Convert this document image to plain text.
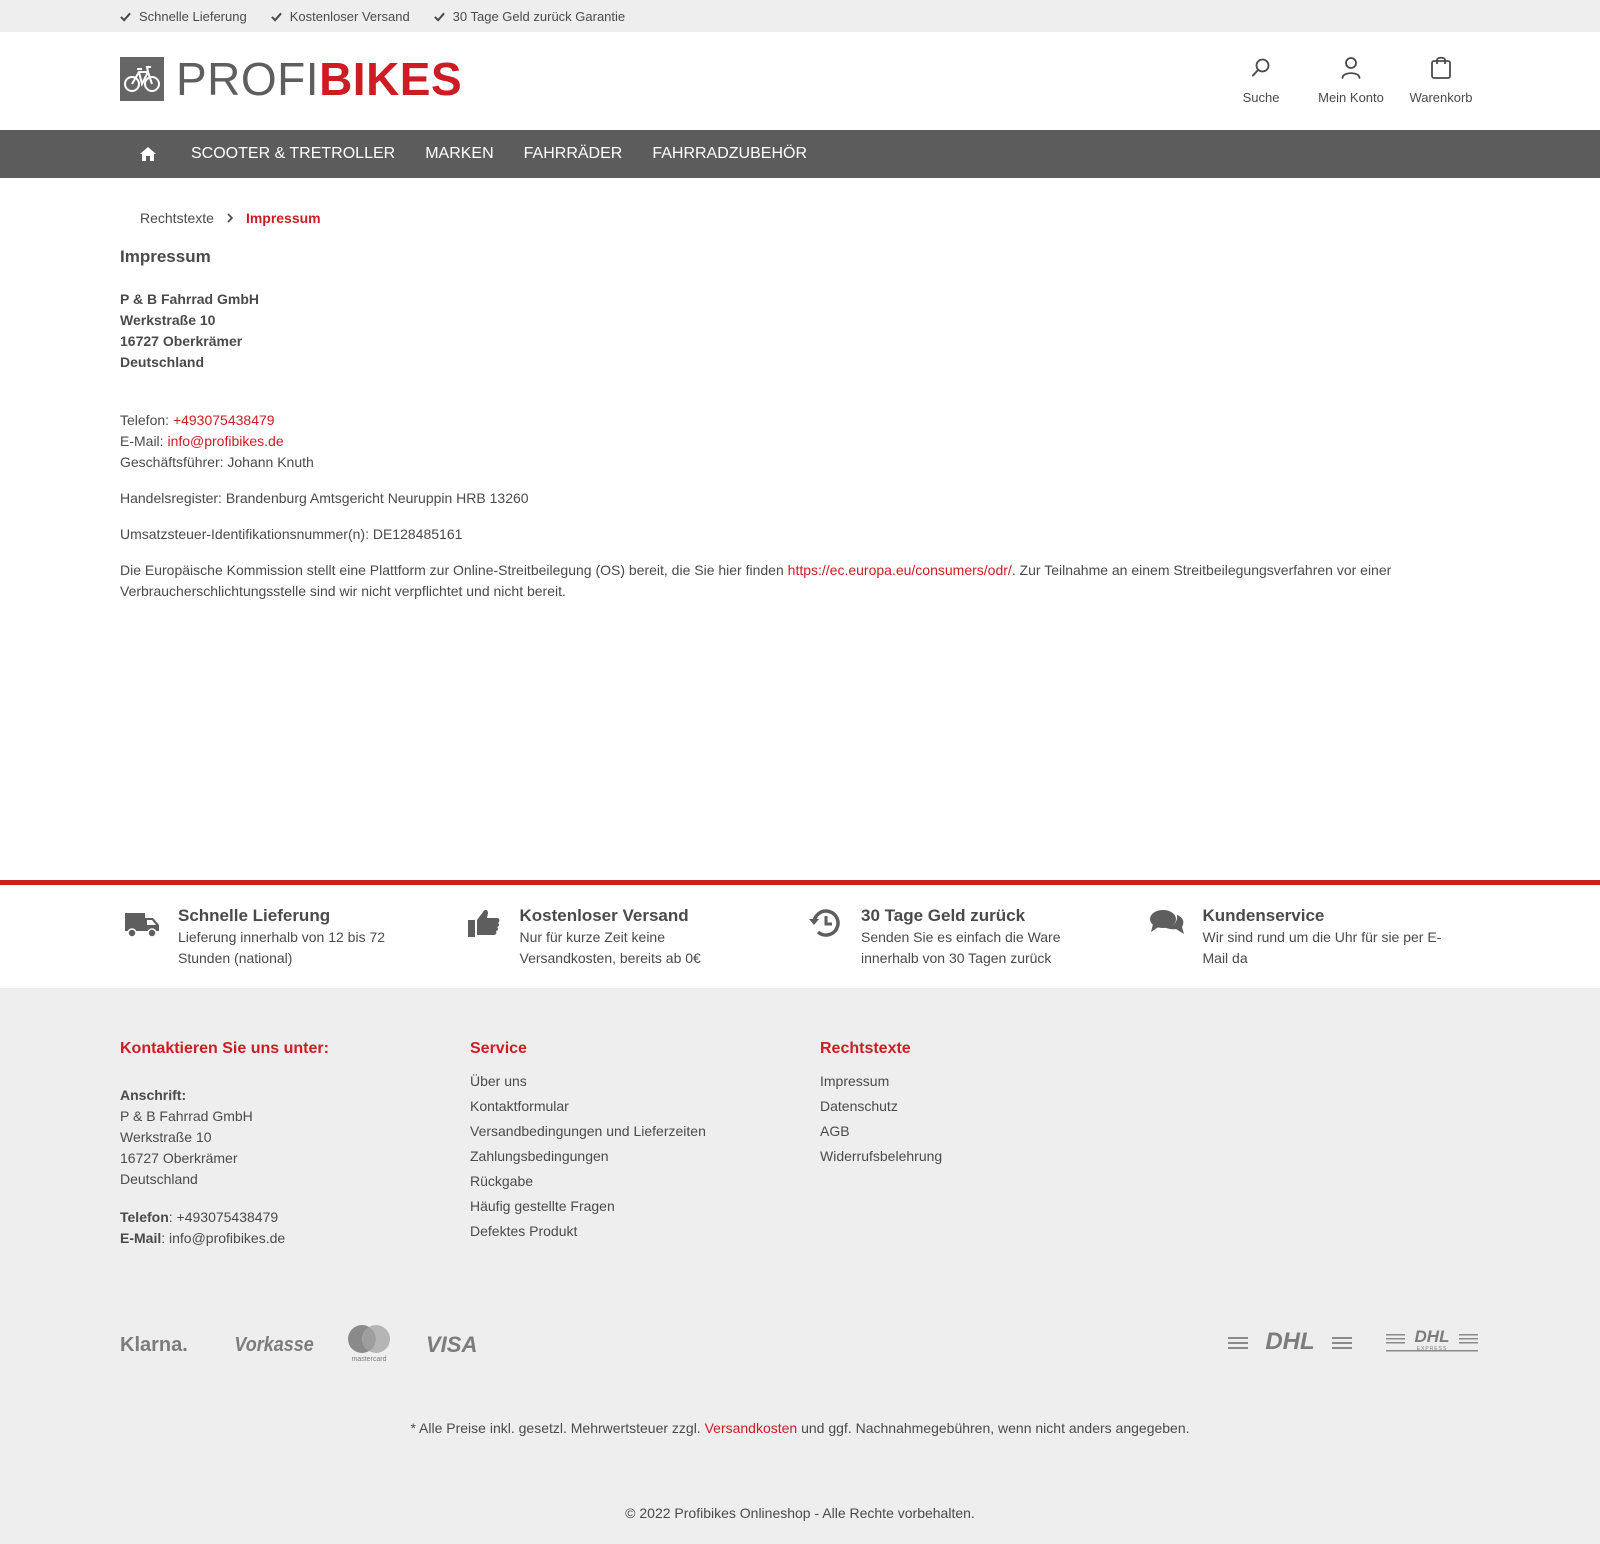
Schnelle Lieferung	Kostenloser Versand	30 Tage Geld zurück Garantie
PROFIBIKES	Suche	Mein Konto	Warenkorb
SCOOTER & TRETROLLER	MARKEN	FAHRRÄDER	FAHRRADZUBEHÖR
Rechtstexte Impressum
Impressum
P & B Fahrrad GmbH
Werkstraße 10
16727 Oberkrämer
Deutschland
Telefon: +493075438479
E-Mail: info@profibikes.de
Geschäftsführer: Johann Knuth

Handelsregister: Brandenburg Amtsgericht Neuruppin HRB 13260

Umsatzsteuer-Identifikationsnummer(n): DE128485161

Die Europäische Kommission stellt eine Plattform zur Online-Streitbeilegung (OS) bereit, die Sie hier finden https://ec.europa.eu/consumers/odr/. Zur Teilnahme an einem Streitbeilegungsverfahren vor einer Verbraucherschlichtungsstelle sind wir nicht verpflichtet und nicht bereit.

Schnelle Lieferung
Lieferung innerhalb von 12 bis 72 Stunden (national)
Kostenloser Versand
Nur für kurze Zeit keine Versandkosten, bereits ab 0€
30 Tage Geld zurück
Senden Sie es einfach die Ware innerhalb von 30 Tagen zurück
Kundenservice
Wir sind rund um die Uhr für sie per E-Mail da
Kontaktieren Sie uns unter:
Anschrift:
P & B Fahrrad GmbH
Werkstraße 10
16727 Oberkrämer
Deutschland
Telefon: +493075438479
E-Mail: info@profibikes.de
Service
Über uns
Kontaktformular
Versandbedingungen und Lieferzeiten
Zahlungsbedingungen
Rückgabe
Häufig gestellte Fragen
Defektes Produkt
Rechtstexte
Impressum
Datenschutz
AGB
Widerrufsbelehrung
Klarna. Vorkasse
mastercard
VISA	DHL	DHL
EXPRESS
* Alle Preise inkl. gesetzl. Mehrwertsteuer zzgl. Versandkosten und ggf. Nachnahmegebühren, wenn nicht anders angegeben.
© 2022 Profibikes Onlineshop - Alle Rechte vorbehalten.
